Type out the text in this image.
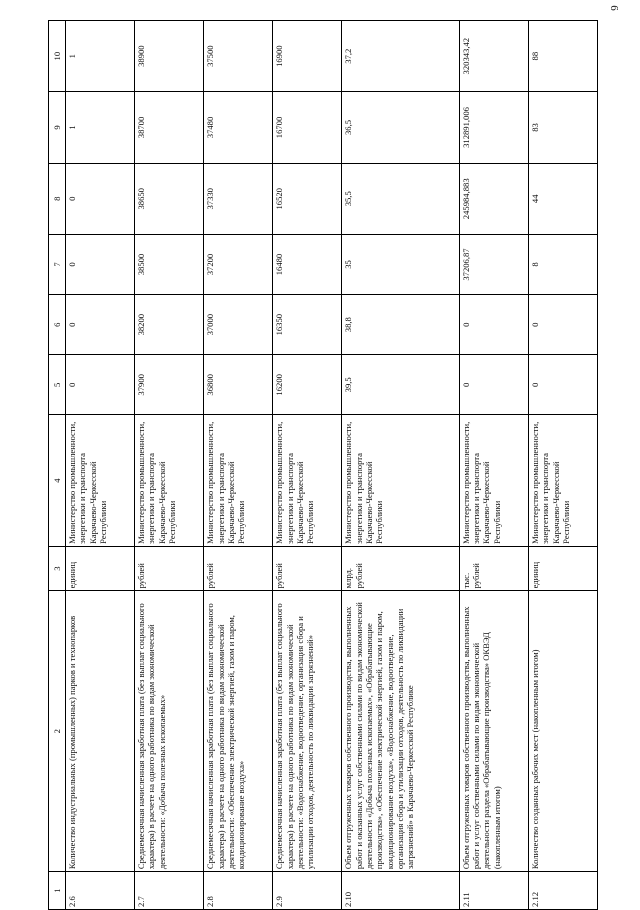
6
1	2	3	4	5	6	7	8	9	10
2.6	Количество индустриальных (промышленных) парков и технопарков	единиц	Министерство промышленности, энергетики и транспорта Карачаево-Черкесской Республики	0	0	0	0	1	1
2.7	Среднемесячная начисленная заработная плата (без выплат социального характера) в расчете на одного работника по видам экономической деятельности: «Добыча полезных ископаемых»	рублей	Министерство промышленности, энергетики и транспорта Карачаево-Черкесской Республики	37900	38200	38500	38650	38700	38900
2.8	Среднемесячная начисленная заработная плата (без выплат социального характера) в расчете на одного работника по видам экономической деятельности: «Обеспечение электрической энергией, газом и паром, кондиционирование воздуха»	рублей	Министерство промышленности, энергетики и транспорта Карачаево-Черкесской Республики	36800	37000	37200	37330	37480	37500
2.9	Среднемесячная начисленная заработная плата (без выплат социального характера) в расчете на одного работника по видам экономической деятельности: «Водоснабжение, водоотведение, организация сбора и утилизации отходов, деятельность по ликвидации загрязнений»	рублей	Министерство промышленности, энергетики и транспорта Карачаево-Черкесской Республики	16200	16350	16480	16520	16700	16900
2.10	Объем отгруженных товаров собственного производства, выполненных работ и оказанных услуг собственными силами по видам экономической деятельности «Добыча полезных ископаемых», «Обрабатывающие производства», «Обеспечение электрической энергией, газом и паром, кондиционирование воздуха», «Водоснабжение, водоотведение, организация сбора и утилизации отходов, деятельность по ликвидации загрязнений» в Карачаево-Черкесской Республике	млрд. рублей	Министерство промышленности, энергетики и транспорта Карачаево-Черкесской Республики	39,5	38,8	35	35,5	36,5	37,2
2.11	Объем отгруженных товаров собственного производства, выполненных работ и услуг собственными силами по видам экономической деятельности раздела «Обрабатывающие производства» ОКВЭД (накопленным итогом)	тыс. рублей	Министерство промышленности, энергетики и транспорта Карачаево-Черкесской Республики	0	0	37206,87	245984,883	312891,006	320343,42
2.12	Количество созданных рабочих мест (накопленным итогом)	единиц	Министерство промышленности, энергетики и транспорта Карачаево-Черкесской Республики	0	0	8	44	83	88
